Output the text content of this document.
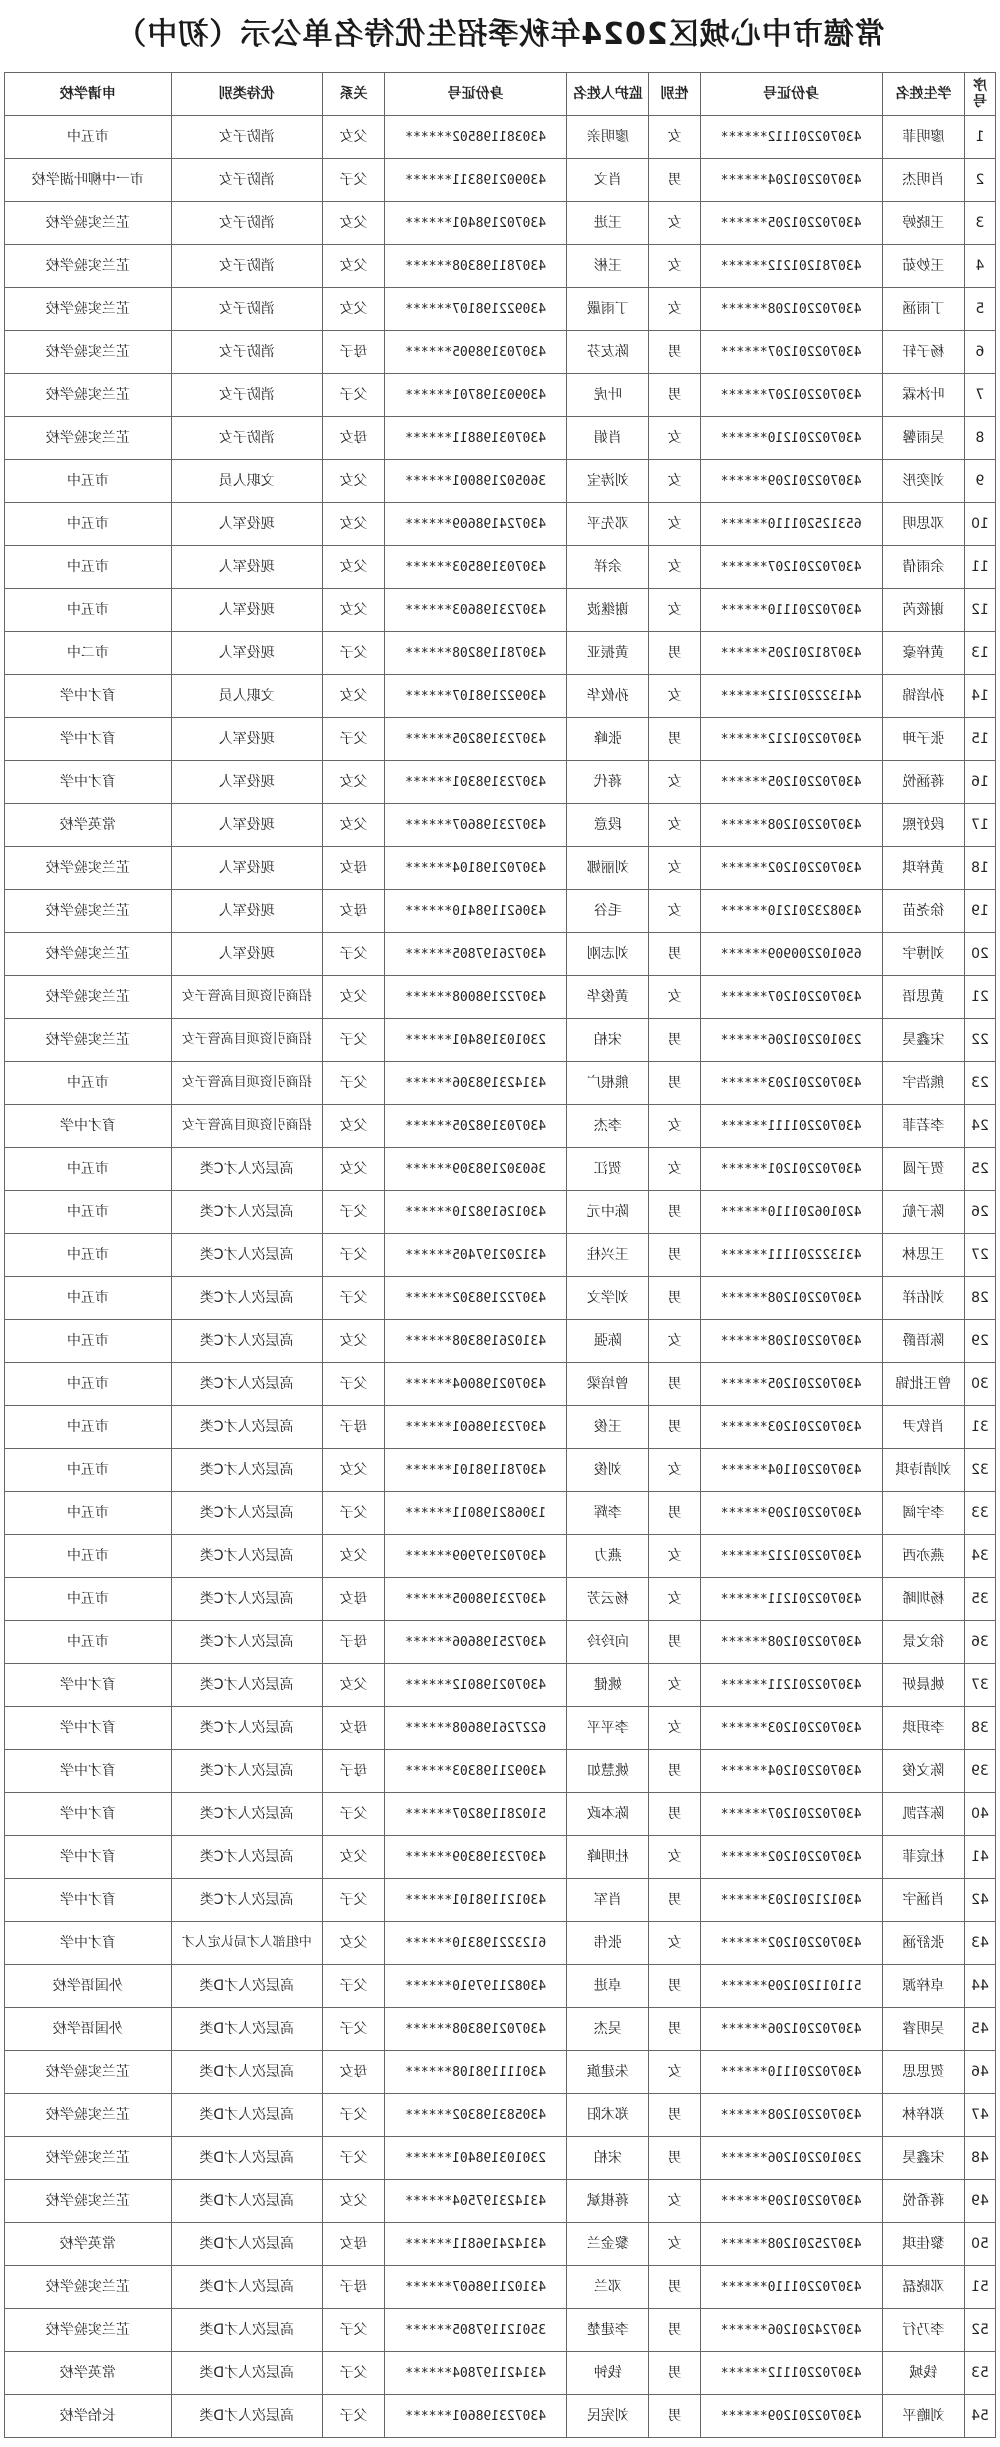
常德市中心城区2024年秋季招生优待名单公示（初中）
序号	学生姓名	身份证号	性别	监护人姓名	身份证号	关系	优待类别	申请学校
1	廖明菲	430702201112******	女	廖明亲	430381198502******	父女	消防子女	市五中
2	肖明杰	430702201204******	男	肖文	430902198311******	父子	消防子女	市一中柳叶湖学校
3	王晓婷	430702201205******	女	王进	430702198401******	父女	消防子女	芷兰实验学校
4	王妙茹	430781201212******	女	王彬	430781198308******	父女	消防子女	芷兰实验学校
5	丁雨涵	430702201208******	女	丁雨嚴	430922198107******	父女	消防子女	芷兰实验学校
6	杨子轩	430702201207******	男	陈友芬	430703198905******	母子	消防子女	芷兰实验学校
7	叶沐霖	430702201207******	男	叶虎	430903198701******	父子	消防子女	芷兰实验学校
8	吴雨馨	430702201210******	女	肖娟	430703198811******	母女	消防子女	芷兰实验学校
9	刘奕彤	430702201209******	女	刘涛宝	360502198001******	父女	文职人员	市五中
10	邓思明	653125201110******	女	邓先平	430724198609******	父女	现役军人	市五中
11	余雨倩	430702201207******	女	余祥	430703198503******	父女	现役军人	市五中
12	谢筱芮	430702201110******	女	谢继波	430723198603******	父女	现役军人	市五中
13	黄梓豪	430781201205******	男	黄振亚	430781198208******	父子	现役军人	市二中
14	孙培锦	441322201212******	女	孙攸华	430922198107******	父女	文职人员	育才中学
15	张子珅	430702201212******	男	张峰	430723198205******	父子	现役军人	育才中学
16	蒋涵悦	430702201205******	女	蒋代	430723198301******	父女	现役军人	育才中学
17	段妤熙	430702201208******	女	段意	430723198607******	父女	现役军人	常英学校
18	黄梓琪	430702201202******	女	刘丽娜	430702198104******	母女	现役军人	芷兰实验学校
19	徐尧苗	430823201210******	女	毛谷	430621198410******	母女	现役军人	芷兰实验学校
20	刘博宇	650102200909******	男	刘志刚	430726197805******	父子	现役军人	芷兰实验学校
21	黄思语	430702201207******	女	黄俊华	430722198008******	父女	招商引资项目高管子女	芷兰实验学校
22	宋鑫昊	230102201206******	男	宋柏	230103198401******	父子	招商引资项目高管子女	芷兰实验学校
23	熊浩宇	430702201203******	男	熊根广	431423198306******	父子	招商引资项目高管子女	市五中
24	李若菲	430702201111******	女	李杰	430703198205******	父女	招商引资项目高管子女	育才中学
25	贺子圆	430702201201******	女	贺江	360302198309******	父女	高层次人才C类	市五中
26	陈子航	420106201110******	男	陈中元	430126198210******	父子	高层次人才C类	市五中
27	王思林	431322201111******	男	王兴柱	431202197405******	父子	高层次人才C类	市五中
28	刘佑祥	430702201208******	男	刘学文	430722198302******	父子	高层次人才C类	市五中
29	陈语爵	430702201208******	女	陈强	431026198308******	父女	高层次人才C类	市五中
30	曾王批锦	430702201205******	男	曾培梁	430702198004******	父子	高层次人才C类	市五中
31	肖钦尹	430702201203******	男	王俊	430723198601******	母子	高层次人才C类	市五中
32	刘靖诗琪	430702201104******	女	刘俊	430781198101******	父女	高层次人才C类	市五中
33	李宇阔	430702201209******	男	李辉	130682198011******	父子	高层次人才C类	市五中
34	燕亦西	430702201212******	女	燕力	430702197909******	父女	高层次人才C类	市五中
35	杨圳晞	430702201211******	女	杨云芳	430723198005******	母女	高层次人才C类	市五中
36	徐文景	430702201208******	男	向玲玲	430725198606******	母子	高层次人才C类	市五中
37	姚晨妍	430702201211******	女	姚健	430702198012******	父女	高层次人才C类	育才中学
38	李玥珙	430702201203******	女	李平平	622726198608******	母女	高层次人才C类	育才中学
39	陈文俊	430702201204******	男	姚慧如	430921198303******	母子	高层次人才C类	育才中学
40	陈若凯	430702201207******	男	陈本政	510281198207******	父子	高层次人才C类	育才中学
41	杜宸菲	430702201202******	女	杜明峰	430723198309******	父女	高层次人才C类	育才中学
42	肖涵宇	430121201203******	男	肖军	430121198101******	父子	高层次人才C类	育才中学
43	张舒涵	430702201202******	女	张伟	612322198310******	父女	中组部人才局认定人才	育才中学
44	卓梓源	511011201209******	男	卓进	430821197910******	父子	高层次人才D类	外国语学校
45	吴明睿	430702201206******	男	吴杰	430702198308******	父子	高层次人才D类	外国语学校
46	贺思思	430702201110******	女	朱建旗	430111198108******	母女	高层次人才D类	芷兰实验学校
47	郑梓林	430702201208******	男	郑术阳	430583198302******	父子	高层次人才D类	芷兰实验学校
48	宋鑫昊	230102201206******	男	宋柏	230103198401******	父子	高层次人才D类	芷兰实验学校
49	蒋希悦	430702201209******	女	蒋棋斌	431423197504******	父女	高层次人才D类	芷兰实验学校
50	黎佳琪	430725201208******	女	黎金兰	431424196811******	母女	高层次人才D类	常英学校
51	邓晓磊	430702201110******	男	邓兰	431021198607******	母子	高层次人才D类	芷兰实验学校
52	李乃行	430724201206******	男	李建楚	350121197805******	父子	高层次人才D类	芷兰实验学校
53	钱城	430702201112******	男	钱钟	431421197804******	父子	高层次人才D类	常英学校
54	刘瞻平	430702201209******	男	刘宪民	430723198601******	父子	高层次人才D类	长怡学校
